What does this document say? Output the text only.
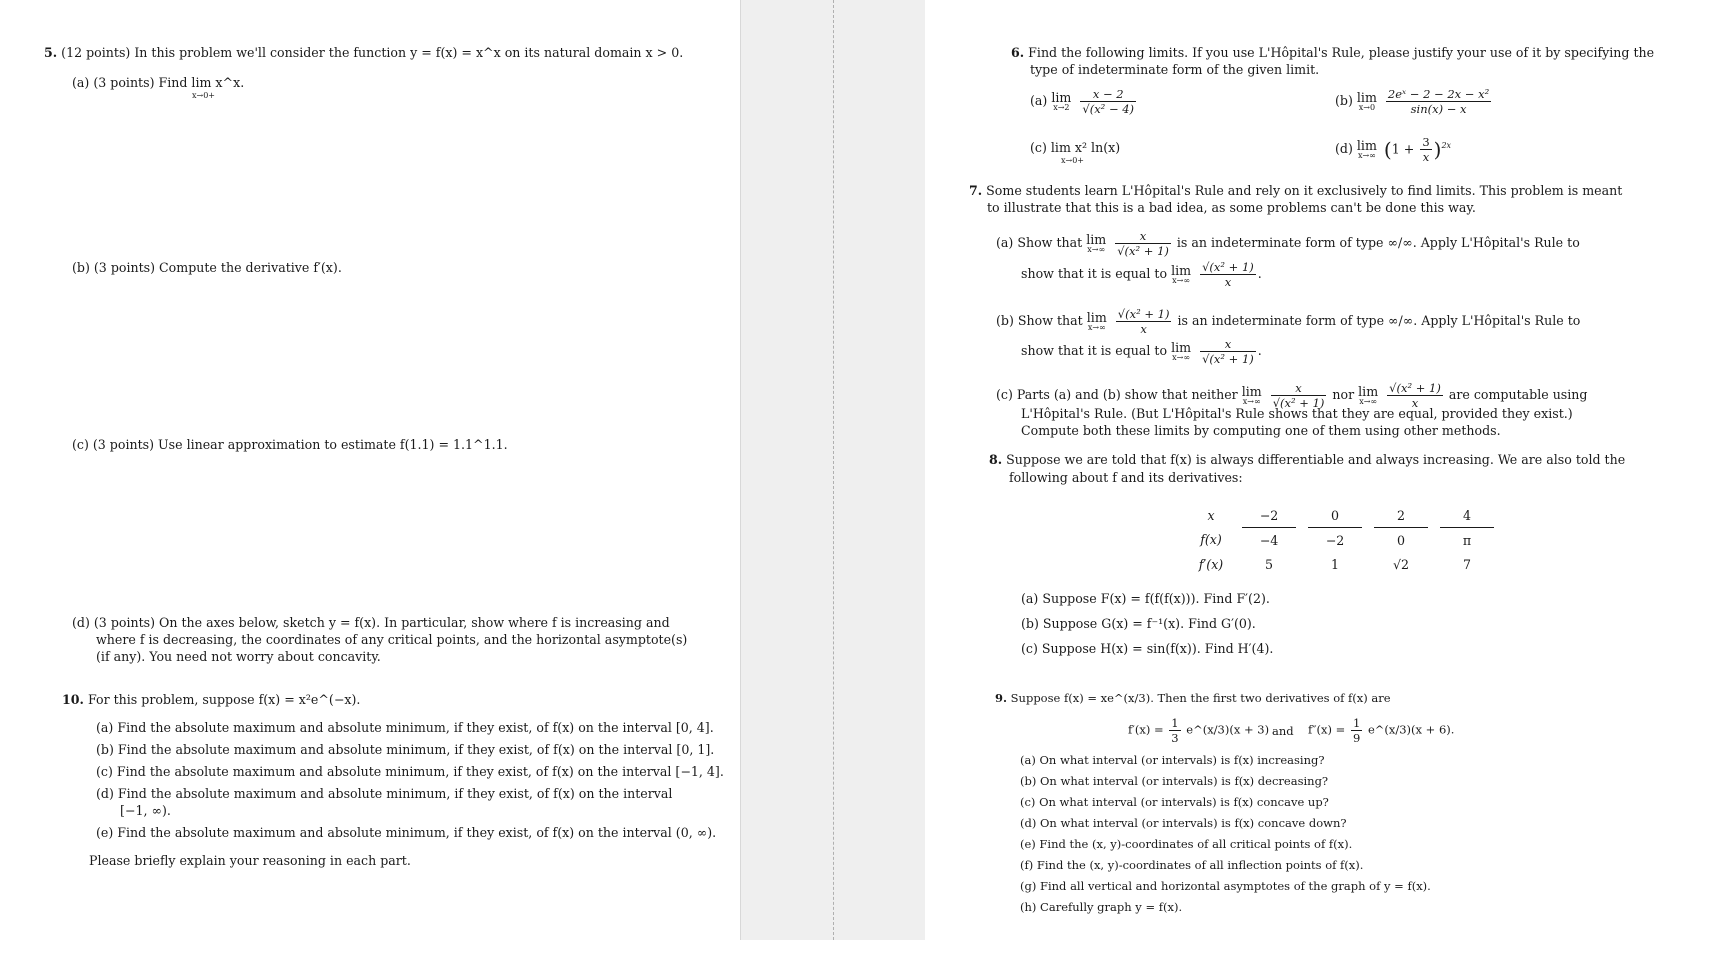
5. (12 points) In this problem we'll consider the function y = f(x) = x^x on its natural domain x > 0.
(a) (3 points) Find lim x^x.
x→0+
(b) (3 points) Compute the derivative f′(x).
(c) (3 points) Use linear approximation to estimate f(1.1) = 1.1^1.1.
(d) (3 points) On the axes below, sketch y = f(x). In particular, show where f is increasing and
where f is decreasing, the coordinates of any critical points, and the horizontal asymptote(s)
(if any). You need not worry about concavity.
10. For this problem, suppose f(x) = x²e^(−x).
(a) Find the absolute maximum and absolute minimum, if they exist, of f(x) on the interval [0, 4].
(b) Find the absolute maximum and absolute minimum, if they exist, of f(x) on the interval [0, 1].
(c) Find the absolute maximum and absolute minimum, if they exist, of f(x) on the interval [−1, 4].
(d) Find the absolute maximum and absolute minimum, if they exist, of f(x) on the interval
[−1, ∞).
(e) Find the absolute maximum and absolute minimum, if they exist, of f(x) on the interval (0, ∞).
Please briefly explain your reasoning in each part.
6. Find the following limits. If you use L'Hôpital's Rule, please justify your use of it by specifying the
type of indeterminate form of the given limit.
(a) lim
x→2
$\frac{x - 2}{\text{√(x² − 4)}}$	(b) lim
x→0
$\frac{\text{2eˣ − 2 − 2x − x²}}{\sin(x) - x}$
(c) lim x² ln(x)
x→0+
(d) lim
x→∞ $(1 + \frac{3}{x} )^{2x}$
7. Some students learn L'Hôpital's Rule and rely on it exclusively to find limits. This problem is meant
to illustrate that this is a bad idea, as some problems can't be done this way.
(a) Show that lim
x→∞
$\frac{x}{\text{√(x² + 1)}}$ is an indeterminate form of type ∞/∞. Apply L'Hôpital's Rule to
show that it is equal to lim
x→∞
$\frac{\text{√(x² + 1)}}{x}$ .
(b) Show that lim
x→∞
$\frac{\text{√(x² + 1)}}{x}$ is an indeterminate form of type ∞/∞. Apply L'Hôpital's Rule to
show that it is equal to lim
x→∞
$\frac{x}{\text{√(x² + 1)}}$ .
(c) Parts (a) and (b) show that neither lim
x→∞
$\frac{x}{\text{√(x² + 1)}}$ nor lim
x→∞
$\frac{\text{√(x² + 1)}}{x}$ are computable using
L'Hôpital's Rule. (But L'Hôpital's Rule shows that they are equal, provided they exist.)
Compute both these limits by computing one of them using other methods.
8. Suppose we are told that f(x) is always differentiable and always increasing. We are also told the
following about f and its derivatives:
(a) Suppose F(x) = f(f(f(x))). Find F′(2).
(b) Suppose G(x) = f⁻¹(x). Find G′(0).
(c) Suppose H(x) = sin(f(x)). Find H′(4).
9. Suppose f(x) = xe^(x/3). Then the first two derivatives of f(x) are
$f'(x) = \frac{1}{3}$ e^(x/3)(x + 3) and $f''(x) = \frac{1}{9}$ e^(x/3)(x + 6).
(a) On what interval (or intervals) is f(x) increasing?
(b) On what interval (or intervals) is f(x) decreasing?
(c) On what interval (or intervals) is f(x) concave up?
(d) On what interval (or intervals) is f(x) concave down?
(e) Find the (x, y)-coordinates of all critical points of f(x).
(f) Find the (x, y)-coordinates of all inflection points of f(x).
(g) Find all vertical and horizontal asymptotes of the graph of y = f(x).
(h) Carefully graph y = f(x).
x	−2		0		2		4
f(x)	−4		−2		0		π
f′(x)	5		1		√2		7
